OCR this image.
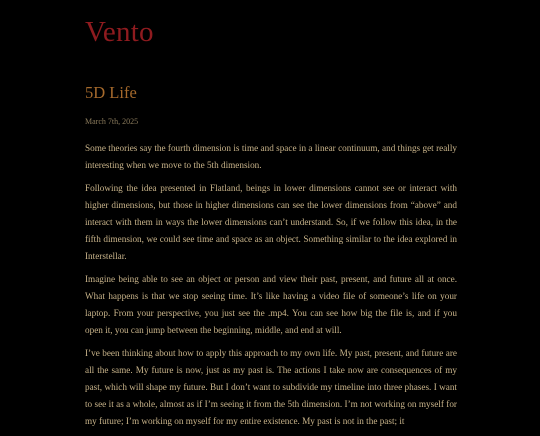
Vento
5D Life
March 7th, 2025

Some theories say the fourth dimension is time and space in a linear continuum, and things get really interesting when we move to the 5th dimension.

Following the idea presented in Flatland, beings in lower dimensions cannot see or interact with higher dimensions, but those in higher dimensions can see the lower dimensions from “above” and interact with them in ways the lower dimensions can’t understand. So, if we follow this idea, in the fifth dimension, we could see time and space as an object. Something similar to the idea explored in Interstellar.

Imagine being able to see an object or person and view their past, present, and future all at once. What happens is that we stop seeing time. It’s like having a video file of someone’s life on your laptop. From your perspective, you just see the .mp4. You can see how big the file is, and if you open it, you can jump between the beginning, middle, and end at will.

I’ve been thinking about how to apply this approach to my own life. My past, present, and future are all the same. My future is now, just as my past is. The actions I take now are consequences of my past, which will shape my future. But I don’t want to subdivide my timeline into three phases. I want to see it as a whole, almost as if I’m seeing it from the 5th dimension. I’m not working on myself for my future; I’m working on myself for my entire existence. My past is not in the past; it
